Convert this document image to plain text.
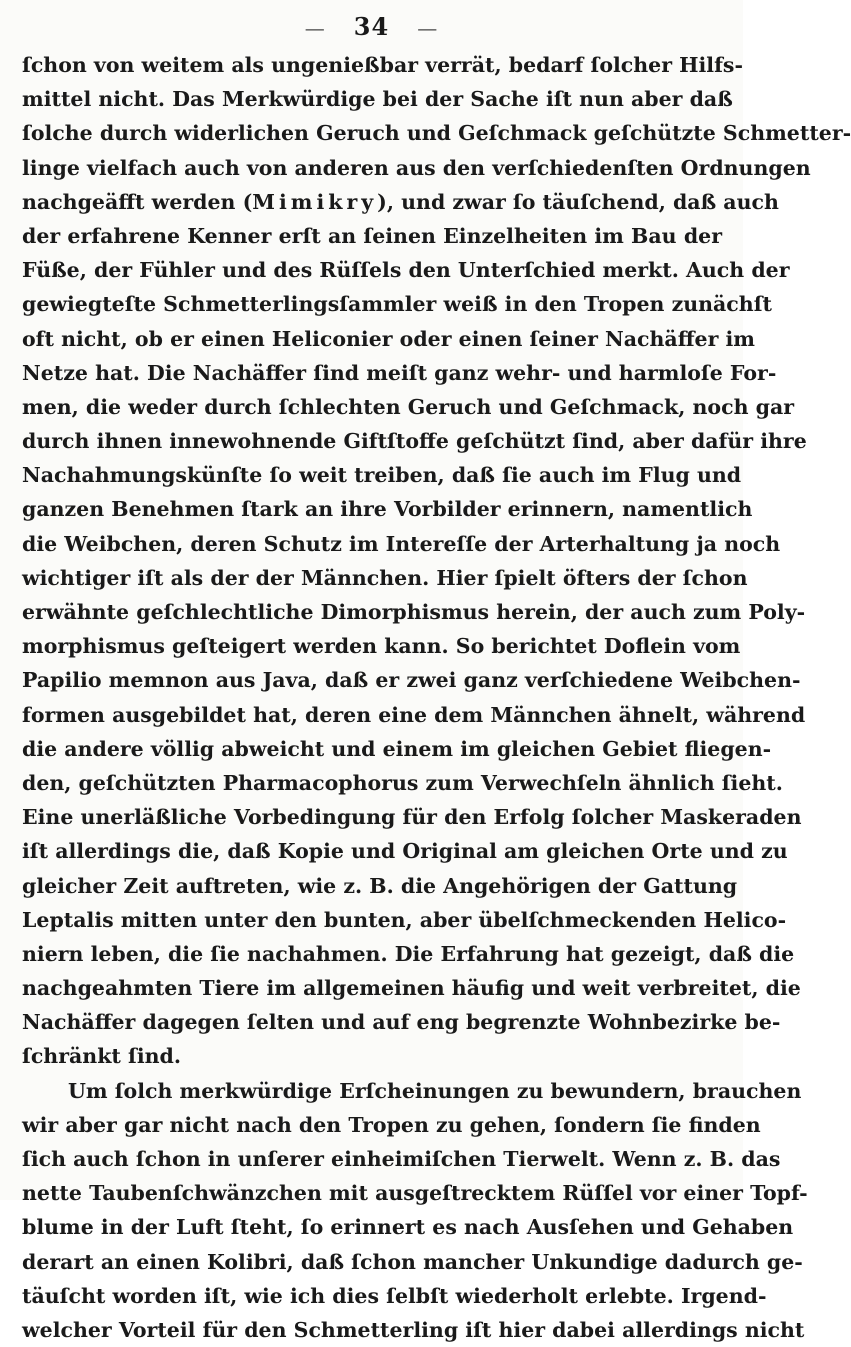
— 34 —
ſchon von weitem als ungenießbar verrät, bedarf ſolcher Hilfs-
mittel nicht. Das Merkwürdige bei der Sache iſt nun aber daß
ſolche durch widerlichen Geruch und Geſchmack geſchützte Schmetter-
linge vielfach auch von anderen aus den verſchiedenſten Ordnungen
nachgeäfft werden (Mimikry), und zwar ſo täuſchend, daß auch
der erfahrene Kenner erſt an ſeinen Einzelheiten im Bau der
Füße, der Fühler und des Rüſſels den Unterſchied merkt. Auch der
gewiegteſte Schmetterlingsſammler weiß in den Tropen zunächſt
oft nicht, ob er einen Heliconier oder einen ſeiner Nachäffer im
Netze hat. Die Nachäffer ſind meiſt ganz wehr- und harmloſe For-
men, die weder durch ſchlechten Geruch und Geſchmack, noch gar
durch ihnen innewohnende Giftſtoffe geſchützt ſind, aber dafür ihre
Nachahmungskünſte ſo weit treiben, daß ſie auch im Flug und
ganzen Benehmen ſtark an ihre Vorbilder erinnern, namentlich
die Weibchen, deren Schutz im Intereſſe der Arterhaltung ja noch
wichtiger iſt als der der Männchen. Hier ſpielt öfters der ſchon
erwähnte geſchlechtliche Dimorphismus herein, der auch zum Poly-
morphismus geſteigert werden kann. So berichtet Doflein vom
Papilio memnon aus Java, daß er zwei ganz verſchiedene Weibchen-
formen ausgebildet hat, deren eine dem Männchen ähnelt, während
die andere völlig abweicht und einem im gleichen Gebiet fliegen-
den, geſchützten Pharmacophorus zum Verwechſeln ähnlich ſieht.
Eine unerläßliche Vorbedingung für den Erfolg ſolcher Maskeraden
iſt allerdings die, daß Kopie und Original am gleichen Orte und zu
gleicher Zeit auftreten, wie z. B. die Angehörigen der Gattung
Leptalis mitten unter den bunten, aber übelſchmeckenden Helico-
niern leben, die ſie nachahmen. Die Erfahrung hat gezeigt, daß die
nachgeahmten Tiere im allgemeinen häufig und weit verbreitet, die
Nachäffer dagegen ſelten und auf eng begrenzte Wohnbezirke be-
ſchränkt ſind.
Um ſolch merkwürdige Erſcheinungen zu bewundern, brauchen
wir aber gar nicht nach den Tropen zu gehen, ſondern ſie finden
ſich auch ſchon in unſerer einheimiſchen Tierwelt. Wenn z. B. das
nette Taubenſchwänzchen mit ausgeſtrecktem Rüſſel vor einer Topf-
blume in der Luft ſteht, ſo erinnert es nach Ausſehen und Gehaben
derart an einen Kolibri, daß ſchon mancher Unkundige dadurch ge-
täuſcht worden iſt, wie ich dies ſelbſt wiederholt erlebte. Irgend-
welcher Vorteil für den Schmetterling iſt hier dabei allerdings nicht
